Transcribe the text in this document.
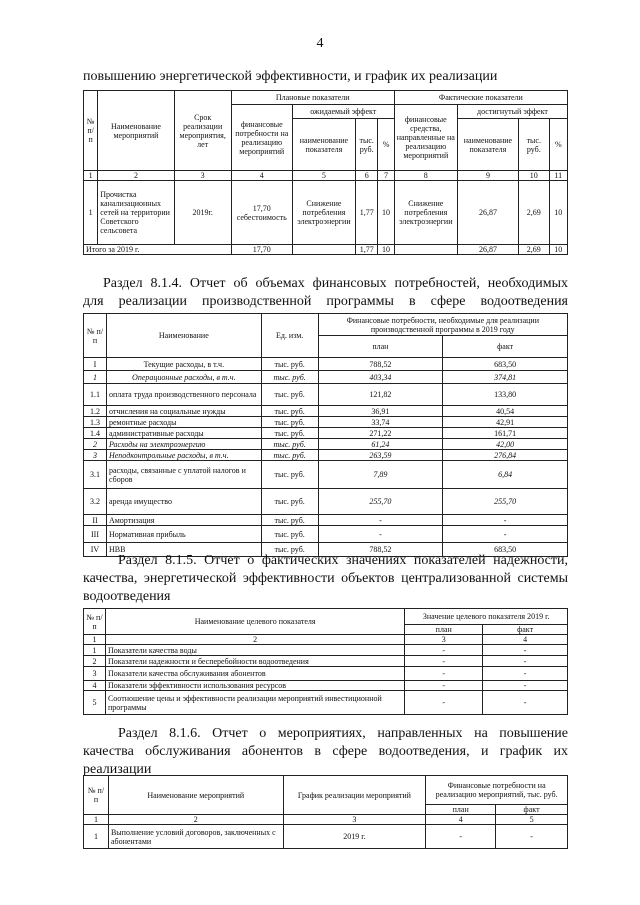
4
повышению энергетической эффективности, и график их реализации
№ п/п	Наименование мероприятий	Срок реализации мероприятия, лет	Плановые показатели				Фактические показатели			
			финансовые потребности на реализацию мероприятий	ожидаемый эффект			финансовые средства, направленные на реализацию мероприятий	достигнутый эффект		
				наименование показателя	тыс. руб.	%		наименование показателя	тыс. руб.	%
1	2	3	4	5	6	7	8	9	10	11
1	Прочистка канализационных сетей на территории Советского сельсовета	2019г.	17,70 себестоимость	Снижение потребления электроэнергии	1,77	10	Снижение потребления электроэнергии	26,87	2,69	10
Итого за 2019 г.			17,70		1,77	10		26,87	2,69	10
Раздел 8.1.4. Отчет об объемах финансовых потребностей, необходимых
для реализации производственной программы в сфере водоотведения
№ п/п	Наименование	Ед. изм.	Финансовые потребности, необходимые для реализации производственной программы в 2019 году	
			план	факт
I	Текущие расходы, в т.ч.	тыс. руб.	788,52	683,50
1	Операционные расходы, в т.ч.	тыс. руб.	403,34	374,81
1.1	оплата труда производственного персонала	тыс. руб.	121,82	133,80
1.2	отчисления на социальные нужды	тыс. руб.	36,91	40,54
1.3	ремонтные расходы	тыс. руб.	33,74	42,91
1.4	административные расходы	тыс. руб.	271,22	161,71
2	Расходы на электроэнергию	тыс. руб.	61,24	42,00
3	Неподконтрольные расходы, в т.ч.	тыс. руб.	263,59	276,84
3.1	расходы, связанные с уплатой налогов и сборов	тыс. руб.	7,89	6,84
3.2	аренда имущество	тыс. руб.	255,70	255,70
II	Амортизация	тыс. руб.	-	-
III	Нормативная прибыль	тыс. руб.	-	-
IV	НВВ	тыс. руб.	788,52	683,50
Раздел 8.1.5. Отчет о фактических значениях показателей надежности,
качества, энергетической эффективности объектов централизованной системы
водоотведения
№ п/п	Наименование целевого показателя	Значение целевого показателя 2019 г.	
		план	факт
1	2	3	4
1	Показатели качества воды	-	-
2	Показатели надежности и бесперебойности водоотведения	-	-
3	Показатели качества обслуживания абонентов	-	-
4	Показатели эффективности использования ресурсов	-	-
5	Соотношение цены и эффективности реализации мероприятий инвестиционной программы	-	-
Раздел 8.1.6. Отчет о мероприятиях, направленных на повышение
качества обслуживания абонентов в сфере водоотведения, и график их
реализации
№ п/п	Наименование мероприятий	График реализации мероприятий	Финансовые потребности на реализацию мероприятий, тыс. руб.	
			план	факт
1	2	3	4	5
1	Выполнение условий договоров, заключенных с абонентами	2019 г.	-	-
